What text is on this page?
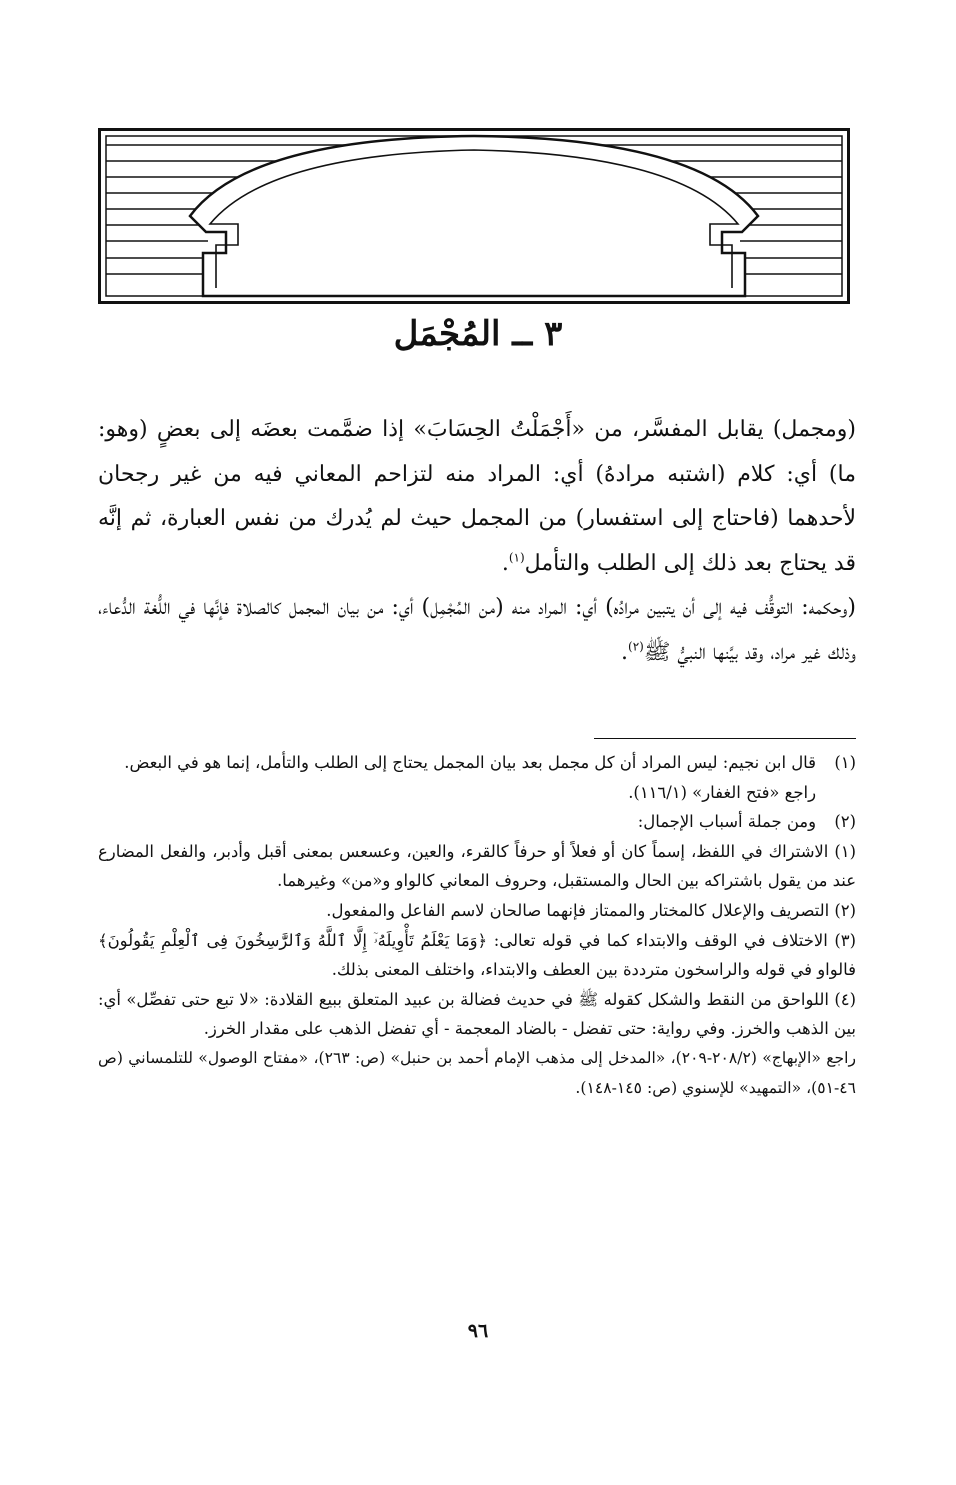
٣ ــ المُجْمَل

(ومجمل) يقابل المفسَّر، من «أَجْمَلْتُ الحِسَابَ» إذا ضمَّمت بعضَه إلى بعضٍ (وهو: ما) أي: كلام (اشتبه مرادهُ) أي: المراد منه لتزاحم المعاني فيه من غير رجحان لأحدهما (فاحتاج إلى استفسار) من المجمل حيث لم يُدرك من نفس العبارة، ثم إنَّه قد يحتاج بعد ذلك إلى الطلب والتأمل$^{(١)}$.

(وحكمه: التوقُّف فيه إلى أن يتبين مرادُه) أي: المراد منه (من المُجْمِل) أي: من بيان المجمل كالصلاة فإنَّها في اللُّغة الدُّعاء، وذلك غير مراد، وقد بيَّنها النبيُّ ﷺ$^{(٢)}$.

(١)

قال ابن نجيم: ليس المراد أن كل مجمل بعد بيان المجمل يحتاج إلى الطلب والتأمل، إنما هو في البعض.

راجع «فتح الغفار» (١١٦/١).

(٢)

ومن جملة أسباب الإجمال:

(١) الاشتراك في اللفظ، إسماً كان أو فعلاً أو حرفاً كالقرء، والعين، وعسعس بمعنى أقبل وأدبر، والفعل المضارع عند من يقول باشتراكه بين الحال والمستقبل، وحروف المعاني كالواو و«من» وغيرهما.

(٢) التصريف والإعلال كالمختار والممتاز فإنهما صالحان لاسم الفاعل والمفعول.

(٣) الاختلاف في الوقف والابتداء كما في قوله تعالى: ﴿وَمَا يَعْلَمُ تَأْوِيلَهُۥٓ إِلَّا ٱللَّهُ وَٱلرَّٰسِخُونَ فِى ٱلْعِلْمِ يَقُولُونَ﴾ فالواو في قوله والراسخون مترددة بين العطف والابتداء، واختلف المعنى بذلك.

(٤) اللواحق من النقط والشكل كقوله ﷺ في حديث فضالة بن عبيد المتعلق ببيع القلادة: «لا تبع حتى تفصِّل» أي: بين الذهب والخرز. وفي رواية: حتى تفضل - بالضاد المعجمة - أي تفضل الذهب على مقدار الخرز.

راجع «الإبهاج» (٢٠٨/٢-٢٠٩)، «المدخل إلى مذهب الإمام أحمد بن حنبل» (ص: ٢٦٣)، «مفتاح الوصول» للتلمساني (ص ٤٦-٥١)، «التمهيد» للإسنوي (ص: ١٤٥-١٤٨).

٩٦
